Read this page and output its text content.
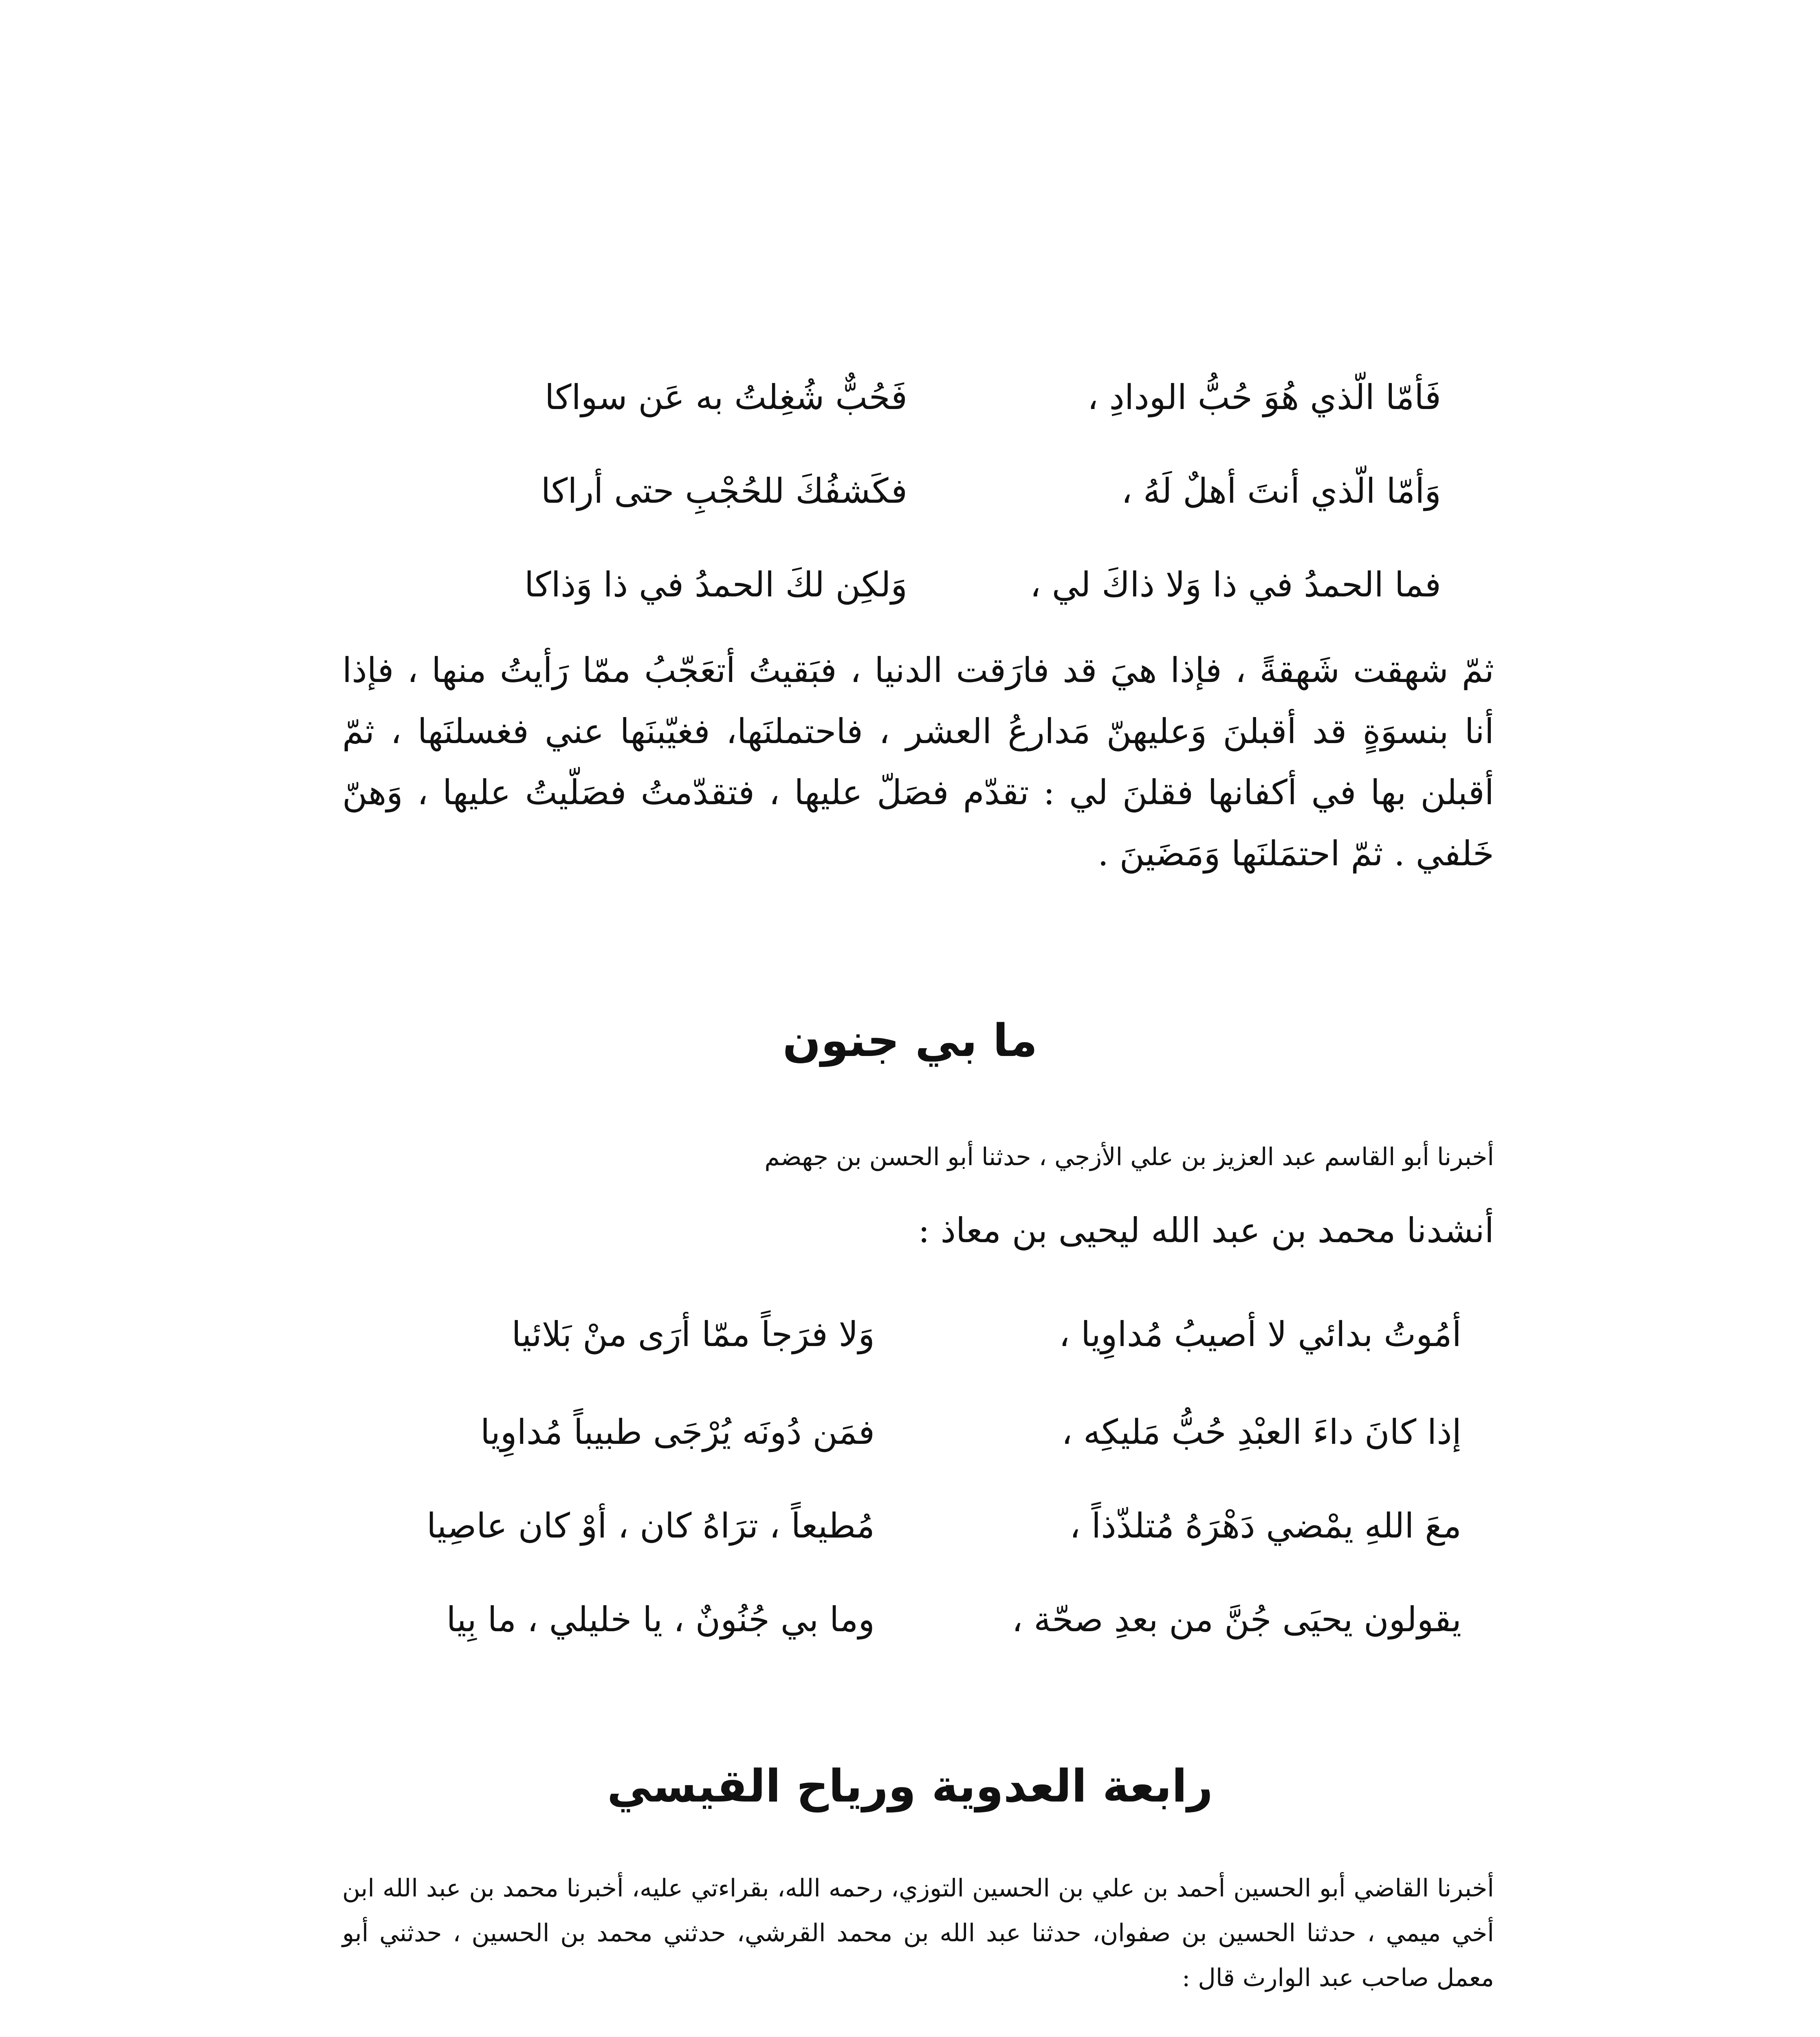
فَأمّا الّذي هُوَ حُبُّ الودادِ ،
فَحُبٌّ شُغِلتُ به عَن سواكا
وَأمّا الّذي أنتَ أهلٌ لَهُ ،
فكَشفُكَ للحُجْبِ حتى أراكا
فما الحمدُ في ذا وَلا ذاكَ لي ،
وَلكِن لكَ الحمدُ في ذا وَذاكا
ثمّ شهقت شَهقةً ، فإذا هيَ قد فارَقت الدنيا ، فبَقيتُ أتعَجّبُ ممّا رَأيتُ منها ، فإذا أنا بنسوَةٍ قد أقبلنَ وَعليهنّ مَدارعُ العشر ، فاحتملنَها، فغيّبنَها عني فغسلنَها ، ثمّ أقبلن بها في أكفانها فقلنَ لي : تقدّم فصَلّ عليها ، فتقدّمتُ فصَلّيتُ عليها ، وَهنّ خَلفي . ثمّ احتمَلنَها وَمَضَينَ .
ما بي جنون
أخبرنا أبو القاسم عبد العزيز بن علي الأزجي ، حدثنا أبو الحسن بن جهضم
أنشدنا محمد بن عبد الله ليحيى بن معاذ :
أمُوتُ بدائي لا أصيبُ مُداوِيا ،
وَلا فرَجاً ممّا أرَى منْ بَلائيا
إذا كانَ داءَ العبْدِ حُبُّ مَليكِه ،
فمَن دُونَه يُرْجَى طبيباً مُداوِيا
معَ اللهِ يمْضي دَهْرَهُ مُتلذّذاً ،
مُطيعاً ، ترَاهُ كان ، أوْ كان عاصِيا
يقولون يحيَى جُنَّ من بعدِ صحّة ،
وما بي جُنُونٌ ، يا خليلي ، ما بِيا
رابعة العدوية ورياح القيسي
أخبرنا القاضي أبو الحسين أحمد بن علي بن الحسين التوزي، رحمه الله، بقراءتي عليه، أخبرنا محمد بن عبد الله ابن أخي ميمي ، حدثنا الحسين بن صفوان، حدثنا عبد الله بن محمد القرشي، حدثني محمد بن الحسين ، حدثني أبو معمل صاحب عبد الوارث قال :
